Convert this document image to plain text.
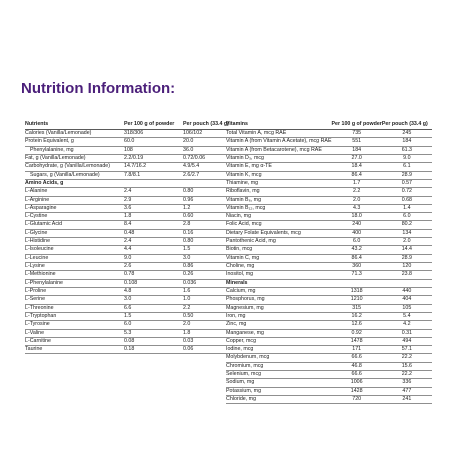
Nutrition Information:
Nutrients	Per 100 g of powder	Per pouch (33.4 g)
Calories (Vanilla/Lemonade)	318/306	106/102
Protein Equivalent, g	60.0	20.0
Phenylalanine, mg	108	36.0
Fat, g (Vanilla/Lemonade)	2.2/0.19	0.72/0.06
Carbohydrate, g (Vanilla/Lemonade)	14.7/16.2	4.9/5.4
Sugars, g (Vanilla/Lemonade)	7.8/8.1	2.6/2.7
Amino Acids, g		
L-Alanine	2.4	0.80
L-Arginine	2.9	0.96
L-Asparagine	3.6	1.2
L-Cystine	1.8	0.60
L-Glutamic Acid	8.4	2.8
L-Glycine	0.48	0.16
L-Histidine	2.4	0.80
L-Isoleucine	4.4	1.5
L-Leucine	9.0	3.0
L-Lysine	2.6	0.86
L-Methionine	0.78	0.26
L-Phenylalanine	0.108	0.036
L-Proline	4.8	1.6
L-Serine	3.0	1.0
L-Threonine	6.6	2.2
L-Tryptophan	1.5	0.50
L-Tyrosine	6.0	2.0
L-Valine	5.3	1.8
L-Carnitine	0.08	0.03
Taurine	0.18	0.06
Vitamins	Per 100 g of powder	Per pouch (33.4 g)
Total Vitamin A, mcg RAE	735	245
Vitamin A (from Vitamin A Acetate), mcg RAE	551	184
Vitamin A (from Betacarotene), mcg RAE	184	61.3
Vitamin D₃, mcg	27.0	9.0
Vitamin E, mg α-TE	18.4	6.1
Vitamin K, mcg	86.4	28.9
Thiamine, mg	1.7	0.57
Riboflavin, mg	2.2	0.72
Vitamin B₆, mg	2.0	0.68
Vitamin B₁₂, mcg	4.3	1.4
Niacin, mg	18.0	6.0
Folic Acid, mcg	240	80.2
Dietary Folate Equivalents, mcg	400	134
Pantothenic Acid, mg	6.0	2.0
Biotin, mcg	43.2	14.4
Vitamin C, mg	86.4	28.9
Choline, mg	360	120
Inositol, mg	71.3	23.8
Minerals		
Calcium, mg	1318	440
Phosphorus, mg	1210	404
Magnesium, mg	315	105
Iron, mg	16.2	5.4
Zinc, mg	12.6	4.2
Manganese, mg	0.92	0.31
Copper, mcg	1478	494
Iodine, mcg	171	57.1
Molybdenum, mcg	66.6	22.2
Chromium, mcg	46.8	15.6
Selenium, mcg	66.6	22.2
Sodium, mg	1006	336
Potassium, mg	1428	477
Chloride, mg	720	241
